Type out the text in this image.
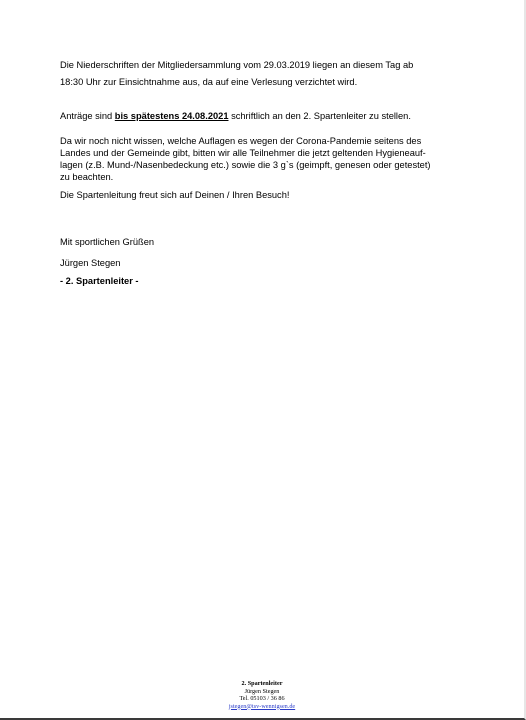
Die Niederschriften der Mitgliedersammlung vom 29.03.2019 liegen an diesem Tag ab
18:30 Uhr zur Einsichtnahme aus, da auf eine Verlesung verzichtet wird.
Anträge sind bis spätestens 24.08.2021 schriftlich an den 2. Spartenleiter zu stellen.
Da wir noch nicht wissen, welche Auflagen es wegen der Corona-Pandemie seitens des
Landes und der Gemeinde gibt, bitten wir alle Teilnehmer die jetzt geltenden Hygieneauf-
lagen (z.B. Mund-/Nasenbedeckung etc.) sowie die 3 g`s (geimpft, genesen oder getestet)
zu beachten.
Die Spartenleitung freut sich auf Deinen / Ihren Besuch!
Mit sportlichen Grüßen
Jürgen Stegen
- 2. Spartenleiter -
2. Spartenleiter
Jürgen Stegen
Tel. 05103 / 36 86
jstegen@tsv-wennigsen.de
